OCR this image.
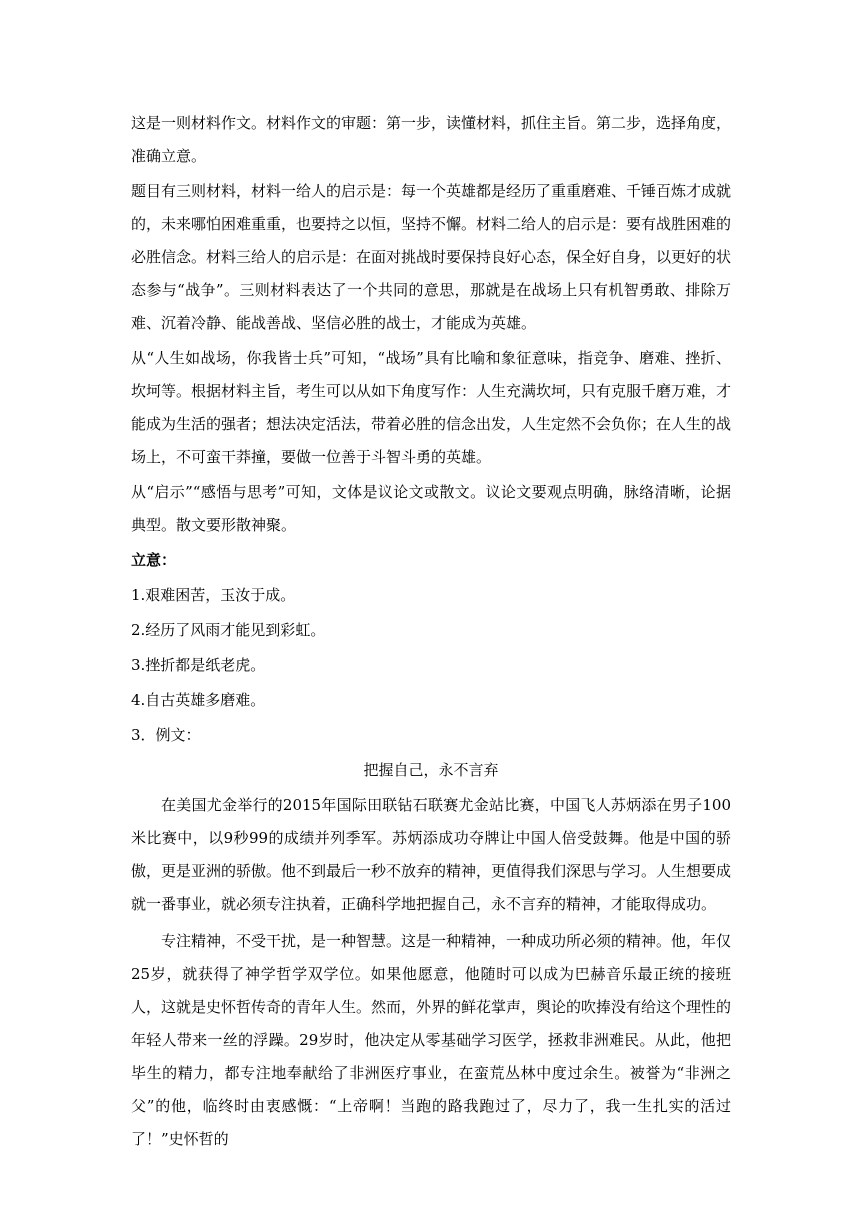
这是一则材料作文。材料作文的审题：第一步，读懂材料，抓住主旨。第二步，选择角度，准确立意。

题目有三则材料，材料一给人的启示是：每一个英雄都是经历了重重磨难、千锤百炼才成就的，未来哪怕困难重重，也要持之以恒，坚持不懈。材料二给人的启示是：要有战胜困难的必胜信念。材料三给人的启示是：在面对挑战时要保持良好心态，保全好自身，以更好的状态参与“战争”。三则材料表达了一个共同的意思，那就是在战场上只有机智勇敢、排除万难、沉着冷静、能战善战、坚信必胜的战士，才能成为英雄。

从“人生如战场，你我皆士兵”可知，“战场”具有比喻和象征意味，指竞争、磨难、挫折、坎坷等。根据材料主旨，考生可以从如下角度写作：人生充满坎坷，只有克服千磨万难，才能成为生活的强者；想法决定活法，带着必胜的信念出发，人生定然不会负你；在人生的战场上，不可蛮干莽撞，要做一位善于斗智斗勇的英雄。

从“启示”“感悟与思考”可知，文体是议论文或散文。议论文要观点明确，脉络清晰，论据典型。散文要形散神聚。

立意：

1.艰难困苦，玉汝于成。

2.经历了风雨才能见到彩虹。

3.挫折都是纸老虎。

4.自古英雄多磨难。

3．例文：

把握自己，永不言弃

在美国尤金举行的2015年国际田联钻石联赛尤金站比赛，中国飞人苏炳添在男子100米比赛中，以9秒99的成绩并列季军。苏炳添成功夺牌让中国人倍受鼓舞。他是中国的骄傲，更是亚洲的骄傲。他不到最后一秒不放弃的精神，更值得我们深思与学习。人生想要成就一番事业，就必须专注执着，正确科学地把握自己，永不言弃的精神，才能取得成功。

专注精神，不受干扰，是一种智慧。这是一种精神，一种成功所必须的精神。他，年仅25岁，就获得了神学哲学双学位。如果他愿意，他随时可以成为巴赫音乐最正统的接班人，这就是史怀哲传奇的青年人生。然而，外界的鲜花掌声，舆论的吹捧没有给这个理性的年轻人带来一丝的浮躁。29岁时，他决定从零基础学习医学，拯救非洲难民。从此，他把毕生的精力，都专注地奉献给了非洲医疗事业，在蛮荒丛林中度过余生。被誉为“非洲之父”的他，临终时由衷感慨：“上帝啊！当跑的路我跑过了，尽力了，我一生扎实的活过了！”史怀哲的
